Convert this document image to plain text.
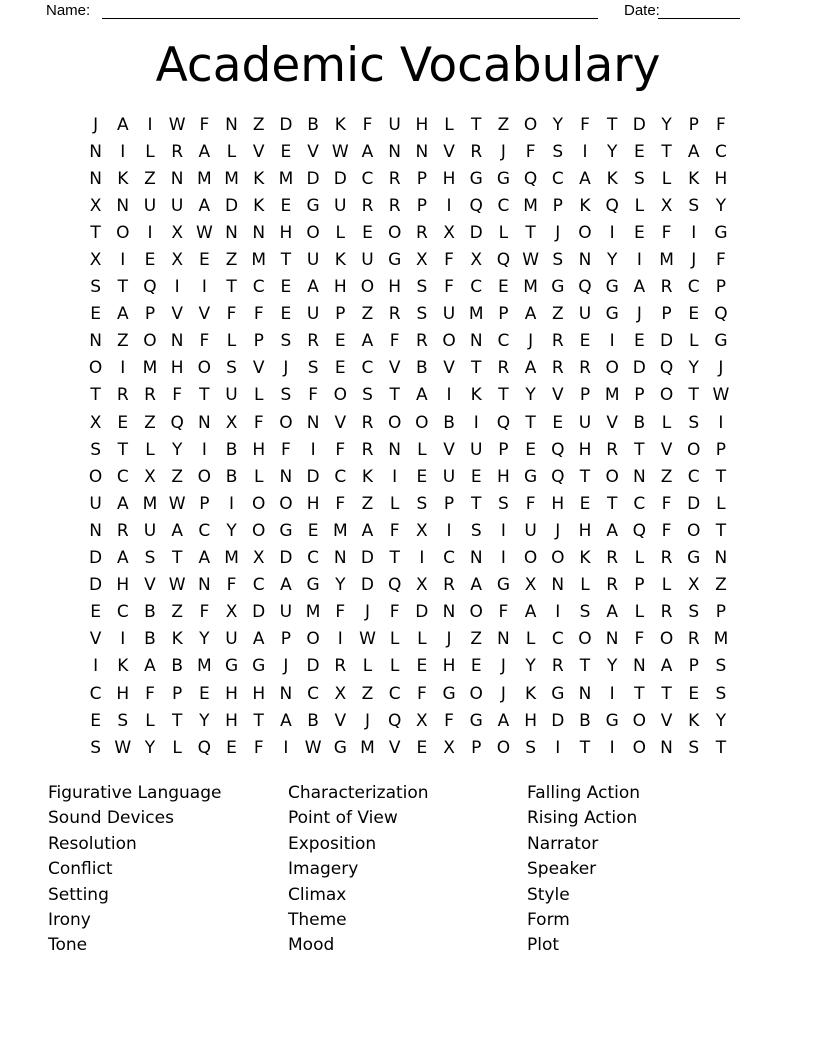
Name:	Date:
Academic Vocabulary
J	A	I W F N Z D B K F U H L	T Z O Y	F	T D Y P	F
N	I	L R A L V E V W A N N V R	J	F S	I	Y E T A C
N K Z N M M K M D D C R P H G G Q C A K S	L K H
X N U U A D K E G U R R P	I	Q C M P K Q L X S Y
T O	I	X W N N H O L	E O R X D L	T	J	O	I	E F	I	G
X	I	E X E Z M T U K U G X F X Q W S N Y	I	M	J	F
S T Q	I	I	T C E A H O H S F C E M G Q G A R C P
E A P V V F	F E U P Z R S U M P A Z U G	J	P E Q
N Z O N F	L	P S R E A F R O N C	J	R E	I	E D L G
O	I	M H O S V	J	S E C V B V T R A R R O D Q Y	J
T R R F	T U L	S F O S T A	I	K T Y V P M P O T W
X E Z Q N X F O N V R O O B	I	Q T E U V B L	S	I
S T	L	Y	I	B H F	I	F R N L V U P E Q H R T V O P
O C X Z O B L N D C K	I	E U E H G Q T O N Z C T
U A M W P	I	O O H F Z L	S P T S F H E T C F D L
N R U A C Y O G E M A F X	I	S	I	U	J	H A Q F O T
D A S T A M X D C N D T	I	C N	I	O O K R L R G N
D H V W N F C A G Y D Q X R A G X N L R P	L X Z
E C B Z F X D U M F	J	F D N O F A	I	S A L R S P
V	I	B K Y U A P O	I W L	L	J	Z N L C O N F O R M
I	K A B M G G	J	D R L	L	E H E	J	Y R T Y N A P S
C H F	P E H H N C X Z C F G O	J	K G N	I	T T E S
E S	L	T Y H T A B V	J	Q X F G A H D B G O V K Y
S W Y	L Q E F	I W G M V E X P O S	I	T	I	O N S T
Figurative Language
Sound Devices
Resolution
Conflict
Setting
Irony
Tone
Characterization
Point of View
Exposition
Imagery
Climax
Theme
Mood
Falling Action
Rising Action
Narrator
Speaker
Style
Form
Plot
